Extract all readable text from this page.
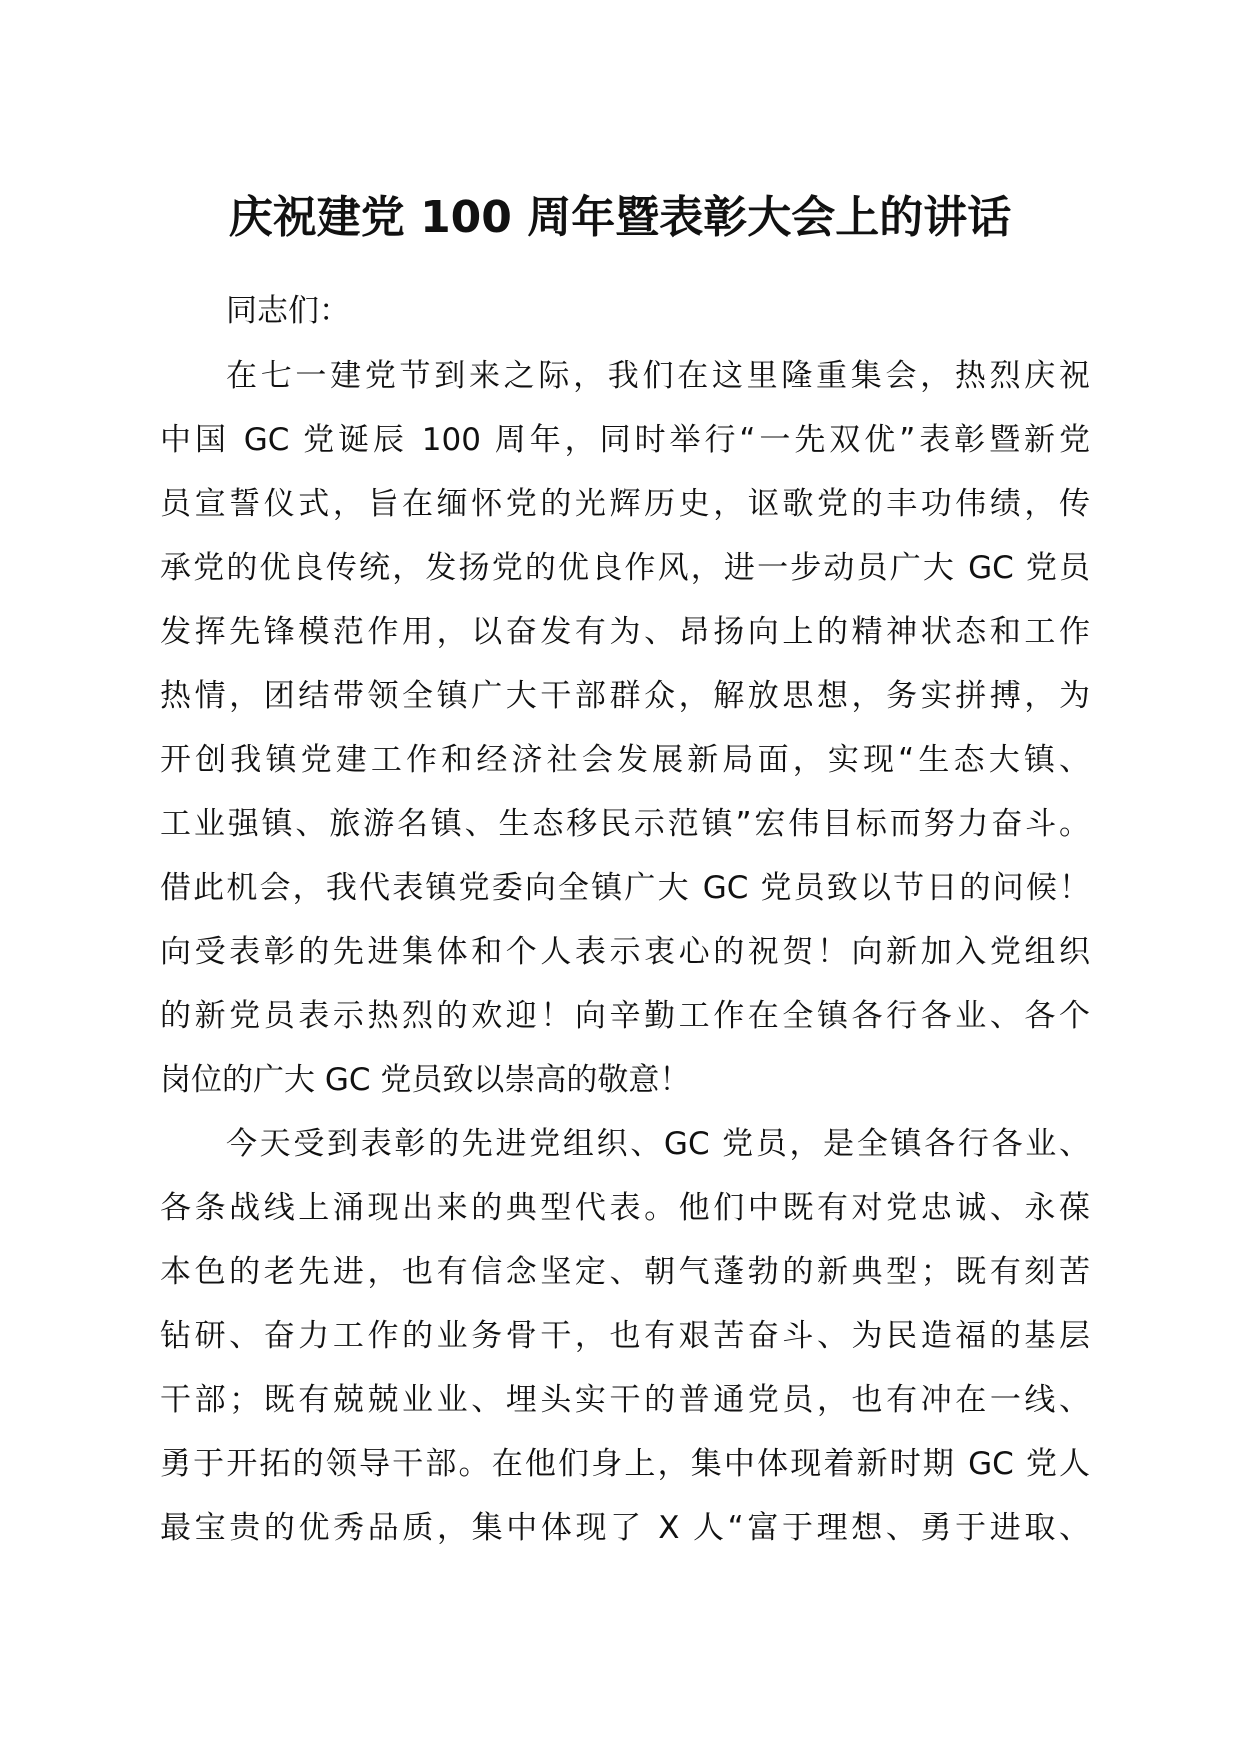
庆祝建党 100 周年暨表彰大会上的讲话
同志们：
在七一建党节到来之际，我们在这里隆重集会，热烈庆祝
中国 GC 党诞辰 100 周年，同时举行“一先双优”表彰暨新党
员宣誓仪式，旨在缅怀党的光辉历史，讴歌党的丰功伟绩，传
承党的优良传统，发扬党的优良作风，进一步动员广大 GC 党员
发挥先锋模范作用，以奋发有为、昂扬向上的精神状态和工作
热情，团结带领全镇广大干部群众，解放思想，务实拼搏，为
开创我镇党建工作和经济社会发展新局面，实现“生态大镇、
工业强镇、旅游名镇、生态移民示范镇”宏伟目标而努力奋斗。
借此机会，我代表镇党委向全镇广大 GC 党员致以节日的问候！
向受表彰的先进集体和个人表示衷心的祝贺！向新加入党组织
的新党员表示热烈的欢迎！向辛勤工作在全镇各行各业、各个
岗位的广大 GC 党员致以崇高的敬意！
今天受到表彰的先进党组织、GC 党员，是全镇各行各业、
各条战线上涌现出来的典型代表。他们中既有对党忠诚、永葆
本色的老先进，也有信念坚定、朝气蓬勃的新典型；既有刻苦
钻研、奋力工作的业务骨干，也有艰苦奋斗、为民造福的基层
干部；既有兢兢业业、埋头实干的普通党员，也有冲在一线、
勇于开拓的领导干部。在他们身上，集中体现着新时期 GC 党人
最宝贵的优秀品质，集中体现了 X 人“富于理想、勇于进取、
